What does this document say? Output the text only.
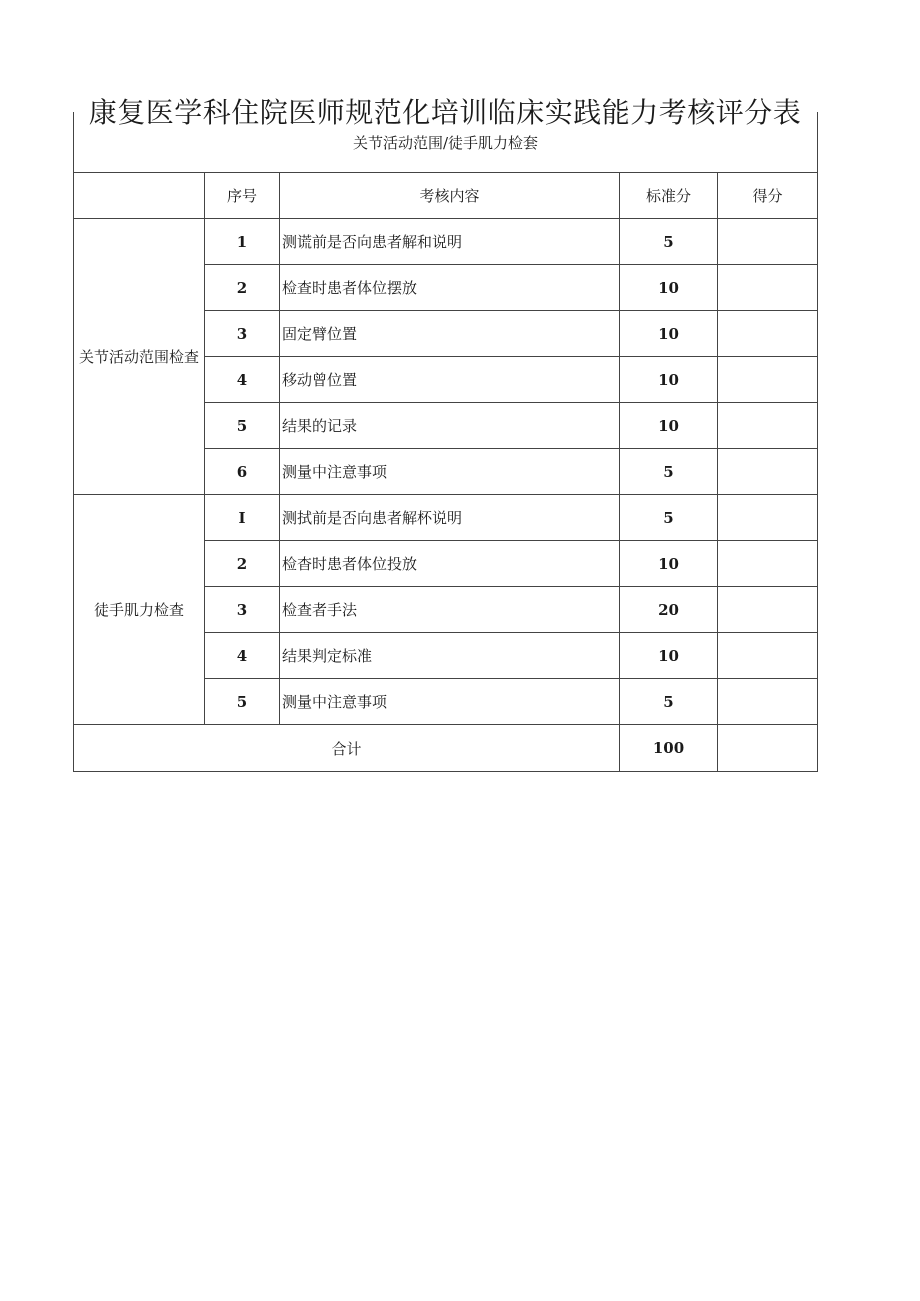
康复医学科住院医师规范化培训临床实践能力考核评分表
关节活动范围/徒手肌力检套				
	序号	考核内容	标准分	得分
关节活动范围检查	1	测谎前是否向患者解和说明	5	
	2	检查时患者体位摆放	10	
	3	固定臂位置	10	
	4	移动曾位置	10	
	5	结果的记录	10	
	6	测量中注意事项	5	
徒手肌力检查	I	测拭前是否向患者解杯说明	5	
	2	检杳时患者体位投放	10	
	3	检查者手法	20	
	4	结果判定标准	10	
	5	测量中注意事项	5	
合计			100	
